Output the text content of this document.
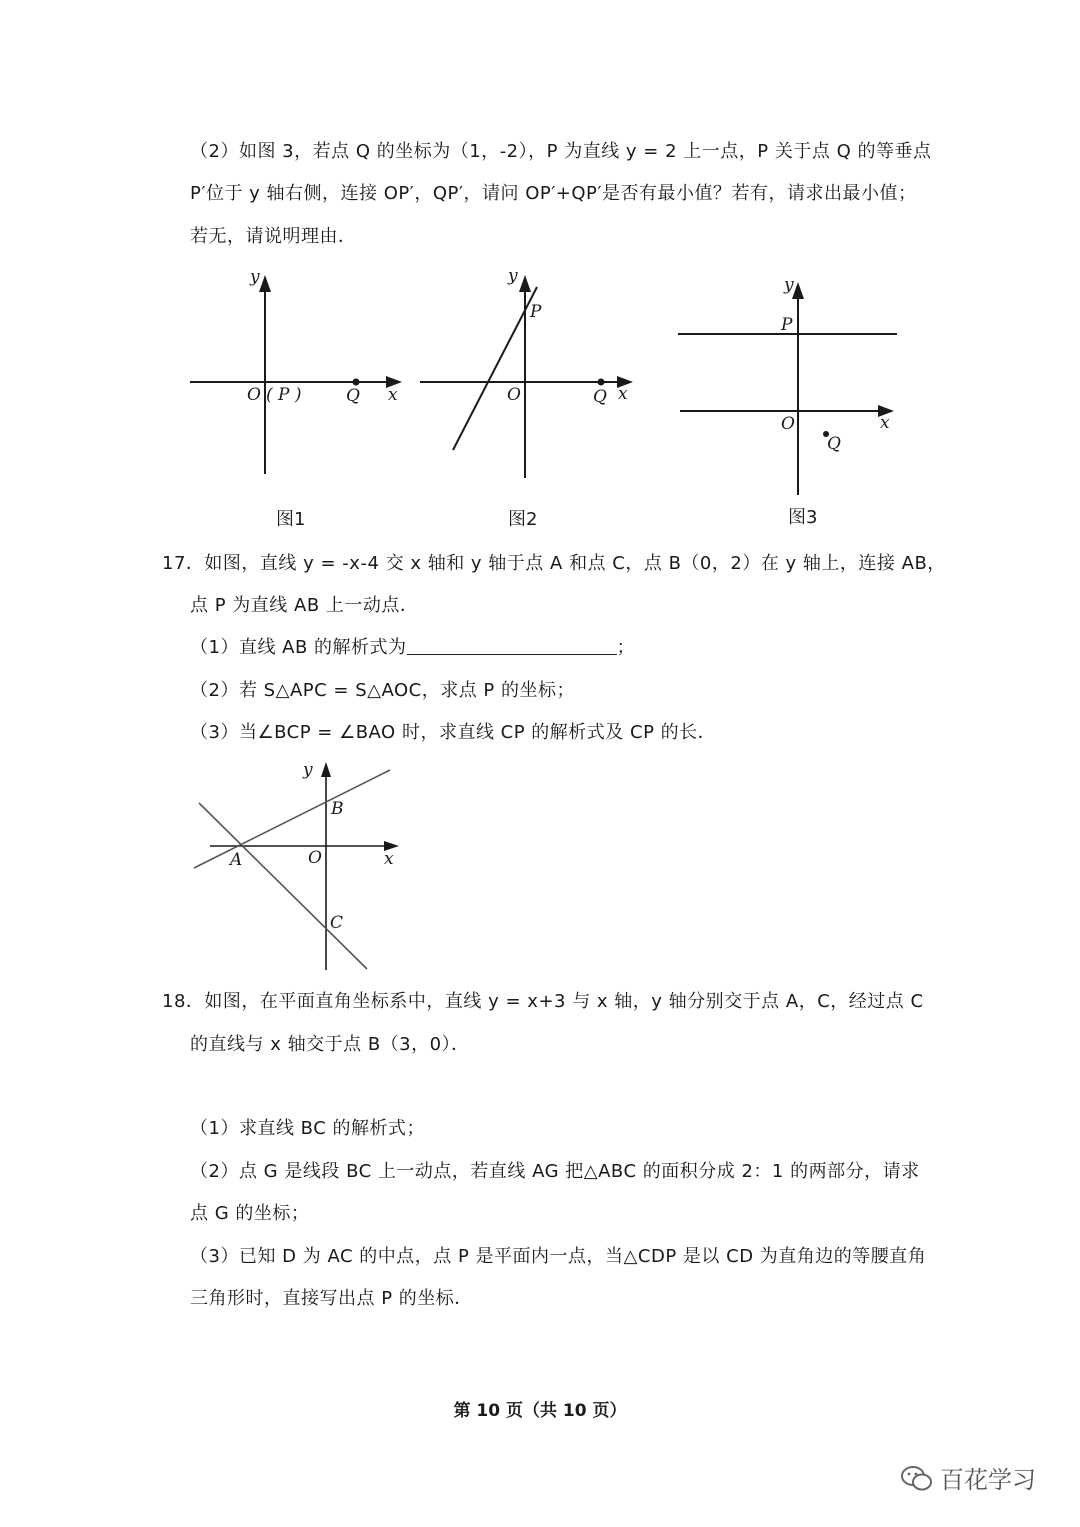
（2）如图 3，若点 Q 的坐标为（1，-2），P 为直线 y = 2 上一点，P 关于点 Q 的等垂点
P′位于 y 轴右侧，连接 OP′，QP′，请问 OP′+QP′是否有最小值？若有，请求出最小值；
若无，请说明理由．
y
O ( P )	Q x
图1
y
P
O	Q x
图2
y
P
O
Q
x
图3
17．如图，直线 y = -x-4 交 x 轴和 y 轴于点 A 和点 C，点 B（0，2）在 y 轴上，连接 AB，
点 P 为直线 AB 上一动点．
（1）直线 AB 的解析式为	；
（2）若 S△APC = S△AOC，求点 P 的坐标；
（3）当∠BCP = ∠BAO 时，求直线 CP 的解析式及 CP 的长．
y
B
A	O	x
C
18．如图，在平面直角坐标系中，直线 y = x+3 与 x 轴，y 轴分别交于点 A，C，经过点 C
的直线与 x 轴交于点 B（3，0）．
（1）求直线 BC 的解析式；
（2）点 G 是线段 BC 上一动点，若直线 AG 把△ABC 的面积分成 2：1 的两部分，请求
点 G 的坐标；
（3）已知 D 为 AC 的中点，点 P 是平面内一点，当△CDP 是以 CD 为直角边的等腰直角
三角形时，直接写出点 P 的坐标．
第 10 页（共 10 页）
百花学习
